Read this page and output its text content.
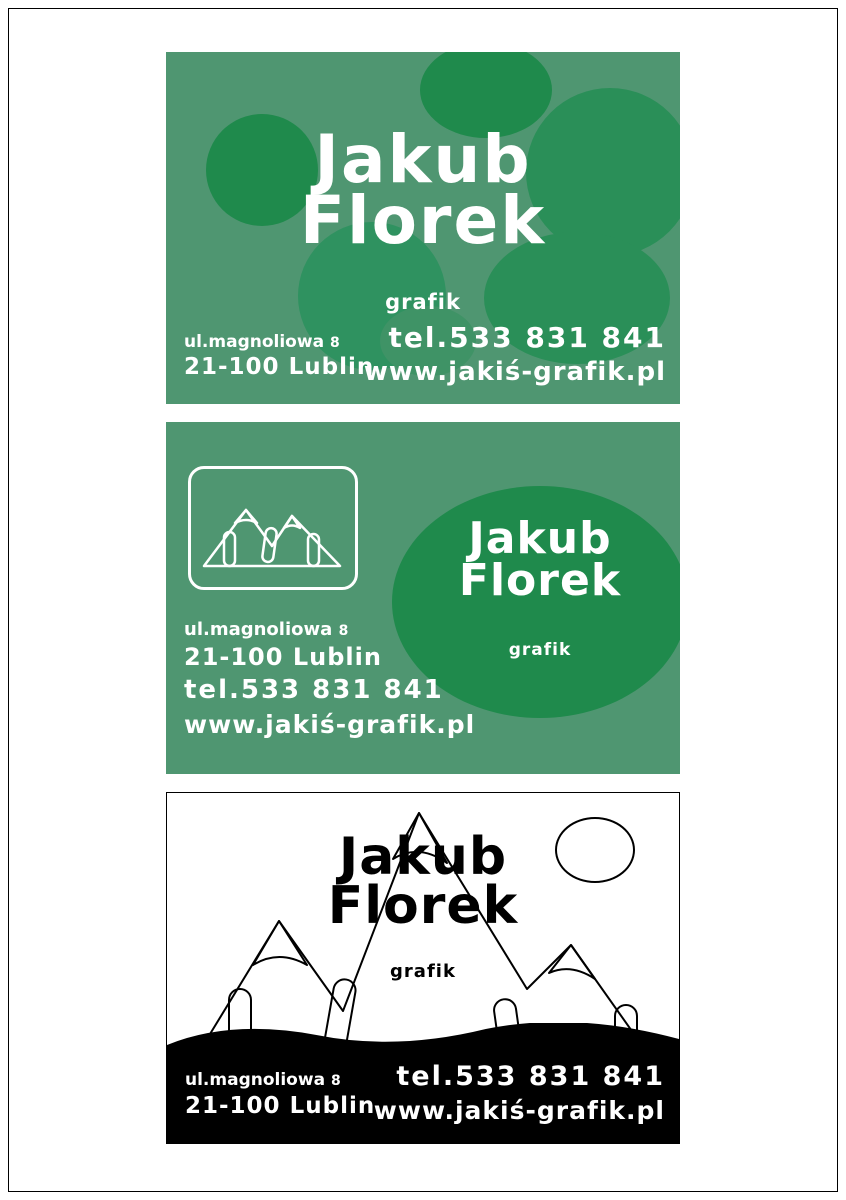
Jakub
Florek
grafik
ul.magnoliowa 8
21-100 Lublin
tel.533 831 841
www.jakiś-grafik.pl
Jakub
Florek
grafik
ul.magnoliowa 8
21-100 Lublin
tel.533 831 841
www.jakiś-grafik.pl
Jakub
Florek
grafik
ul.magnoliowa 8
21-100 Lublin
tel.533 831 841
www.jakiś-grafik.pl
